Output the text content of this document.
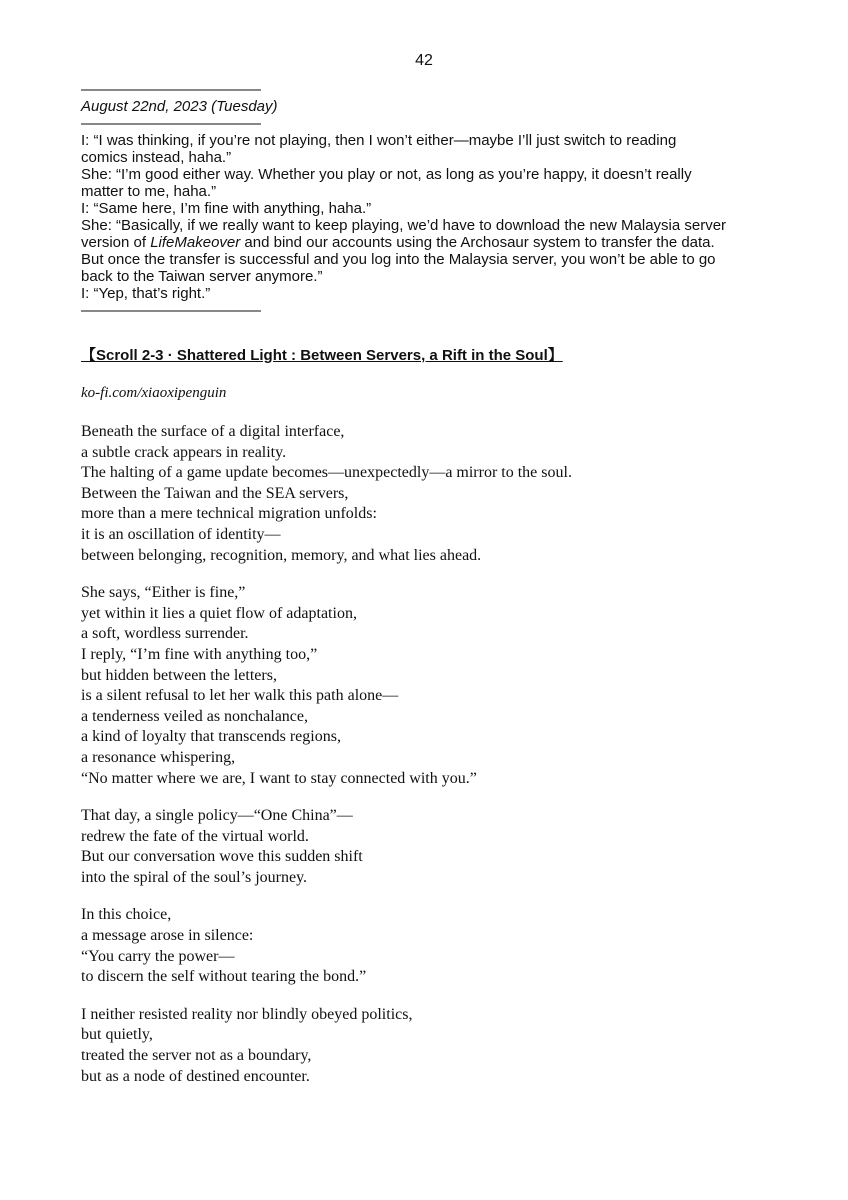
42
————————————
August 22nd, 2023 (Tuesday)
————————————
I: “I was thinking, if you’re not playing, then I won’t either—maybe I’ll just switch to reading
comics instead, haha.”
She: “I’m good either way. Whether you play or not, as long as you’re happy, it doesn’t really
matter to me, haha.”
I: “Same here, I’m fine with anything, haha.”
She: “Basically, if we really want to keep playing, we’d have to download the new Malaysia server
version of LifeMakeover and bind our accounts using the Archosaur system to transfer the data.
But once the transfer is successful and you log into the Malaysia server, you won’t be able to go
back to the Taiwan server anymore.”
I: “Yep, that’s right.”
————————————
【Scroll 2-3 · Shattered Light : Between Servers, a Rift in the Soul】
ko-fi.com/xiaoxipenguin
Beneath the surface of a digital interface,
a subtle crack appears in reality.
The halting of a game update becomes—unexpectedly—a mirror to the soul.
Between the Taiwan and the SEA servers,
more than a mere technical migration unfolds:
it is an oscillation of identity—
between belonging, recognition, memory, and what lies ahead.
She says, “Either is fine,”
yet within it lies a quiet flow of adaptation,
a soft, wordless surrender.
I reply, “I’m fine with anything too,”
but hidden between the letters,
is a silent refusal to let her walk this path alone—
a tenderness veiled as nonchalance,
a kind of loyalty that transcends regions,
a resonance whispering,
“No matter where we are, I want to stay connected with you.”
That day, a single policy—“One China”—
redrew the fate of the virtual world.
But our conversation wove this sudden shift
into the spiral of the soul’s journey.
In this choice,
a message arose in silence:
“You carry the power—
to discern the self without tearing the bond.”
I neither resisted reality nor blindly obeyed politics,
but quietly,
treated the server not as a boundary,
but as a node of destined encounter.
